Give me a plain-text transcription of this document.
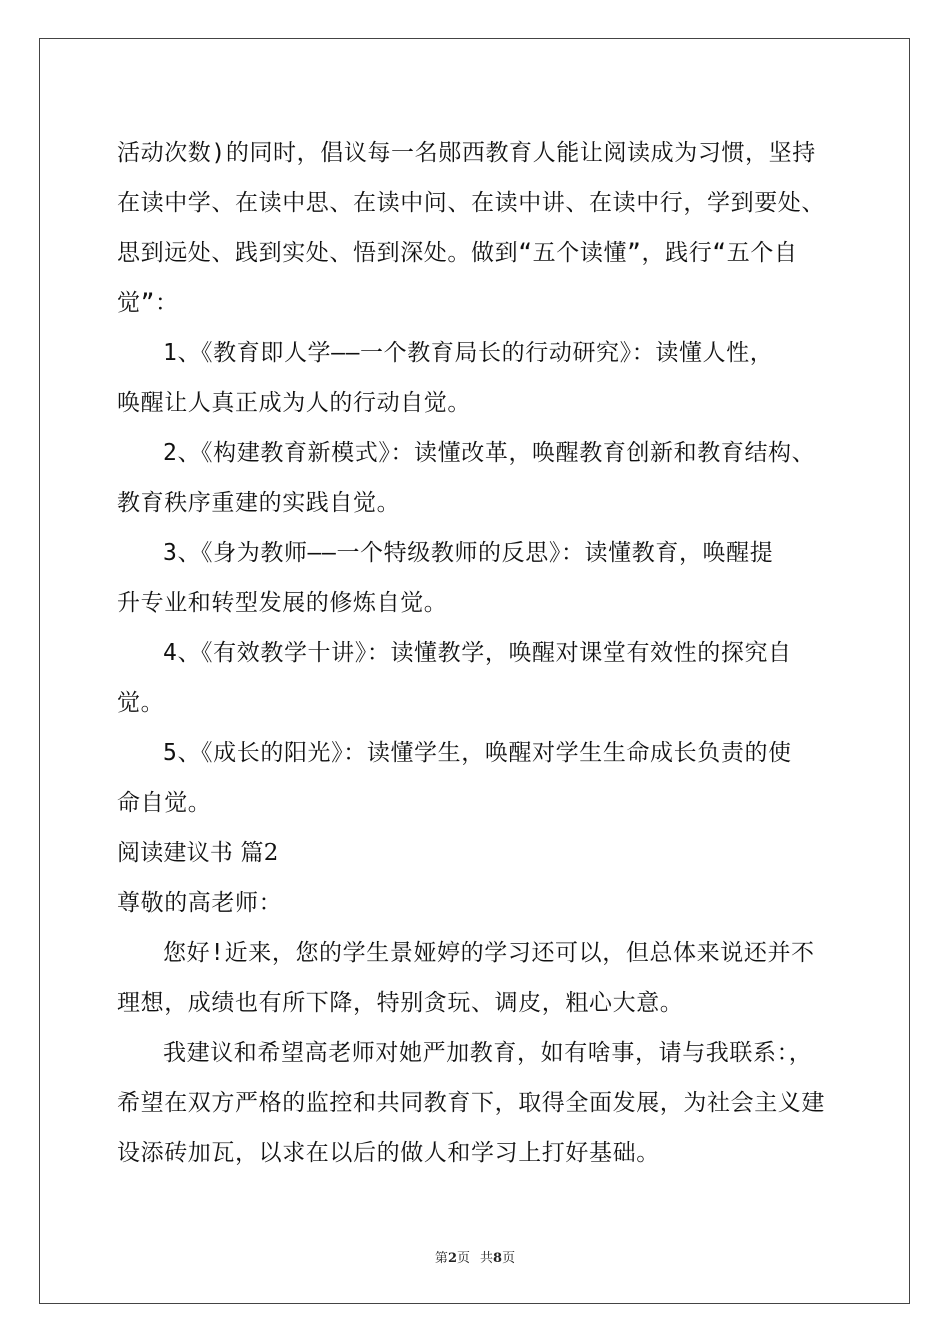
活动次数)的同时，倡议每一名郧西教育人能让阅读成为习惯，坚持
在读中学、在读中思、在读中问、在读中讲、在读中行，学到要处、
思到远处、践到实处、悟到深处。做到“五个读懂”，践行“五个自
觉”：
1、《教育即人学——一个教育局长的行动研究》：读懂人性，
唤醒让人真正成为人的行动自觉。
2、《构建教育新模式》：读懂改革，唤醒教育创新和教育结构、
教育秩序重建的实践自觉。
3、《身为教师——一个特级教师的反思》：读懂教育，唤醒提
升专业和转型发展的修炼自觉。
4、《有效教学十讲》：读懂教学，唤醒对课堂有效性的探究自
觉。
5、《成长的阳光》：读懂学生，唤醒对学生生命成长负责的使
命自觉。
阅读建议书 篇2
尊敬的高老师：
您好!近来，您的学生景娅婷的学习还可以，但总体来说还并不
理想，成绩也有所下降，特别贪玩、调皮，粗心大意。
我建议和希望高老师对她严加教育，如有啥事，请与我联系：，
希望在双方严格的监控和共同教育下，取得全面发展，为社会主义建
设添砖加瓦，以求在以后的做人和学习上打好基础。
第2页 共8页
